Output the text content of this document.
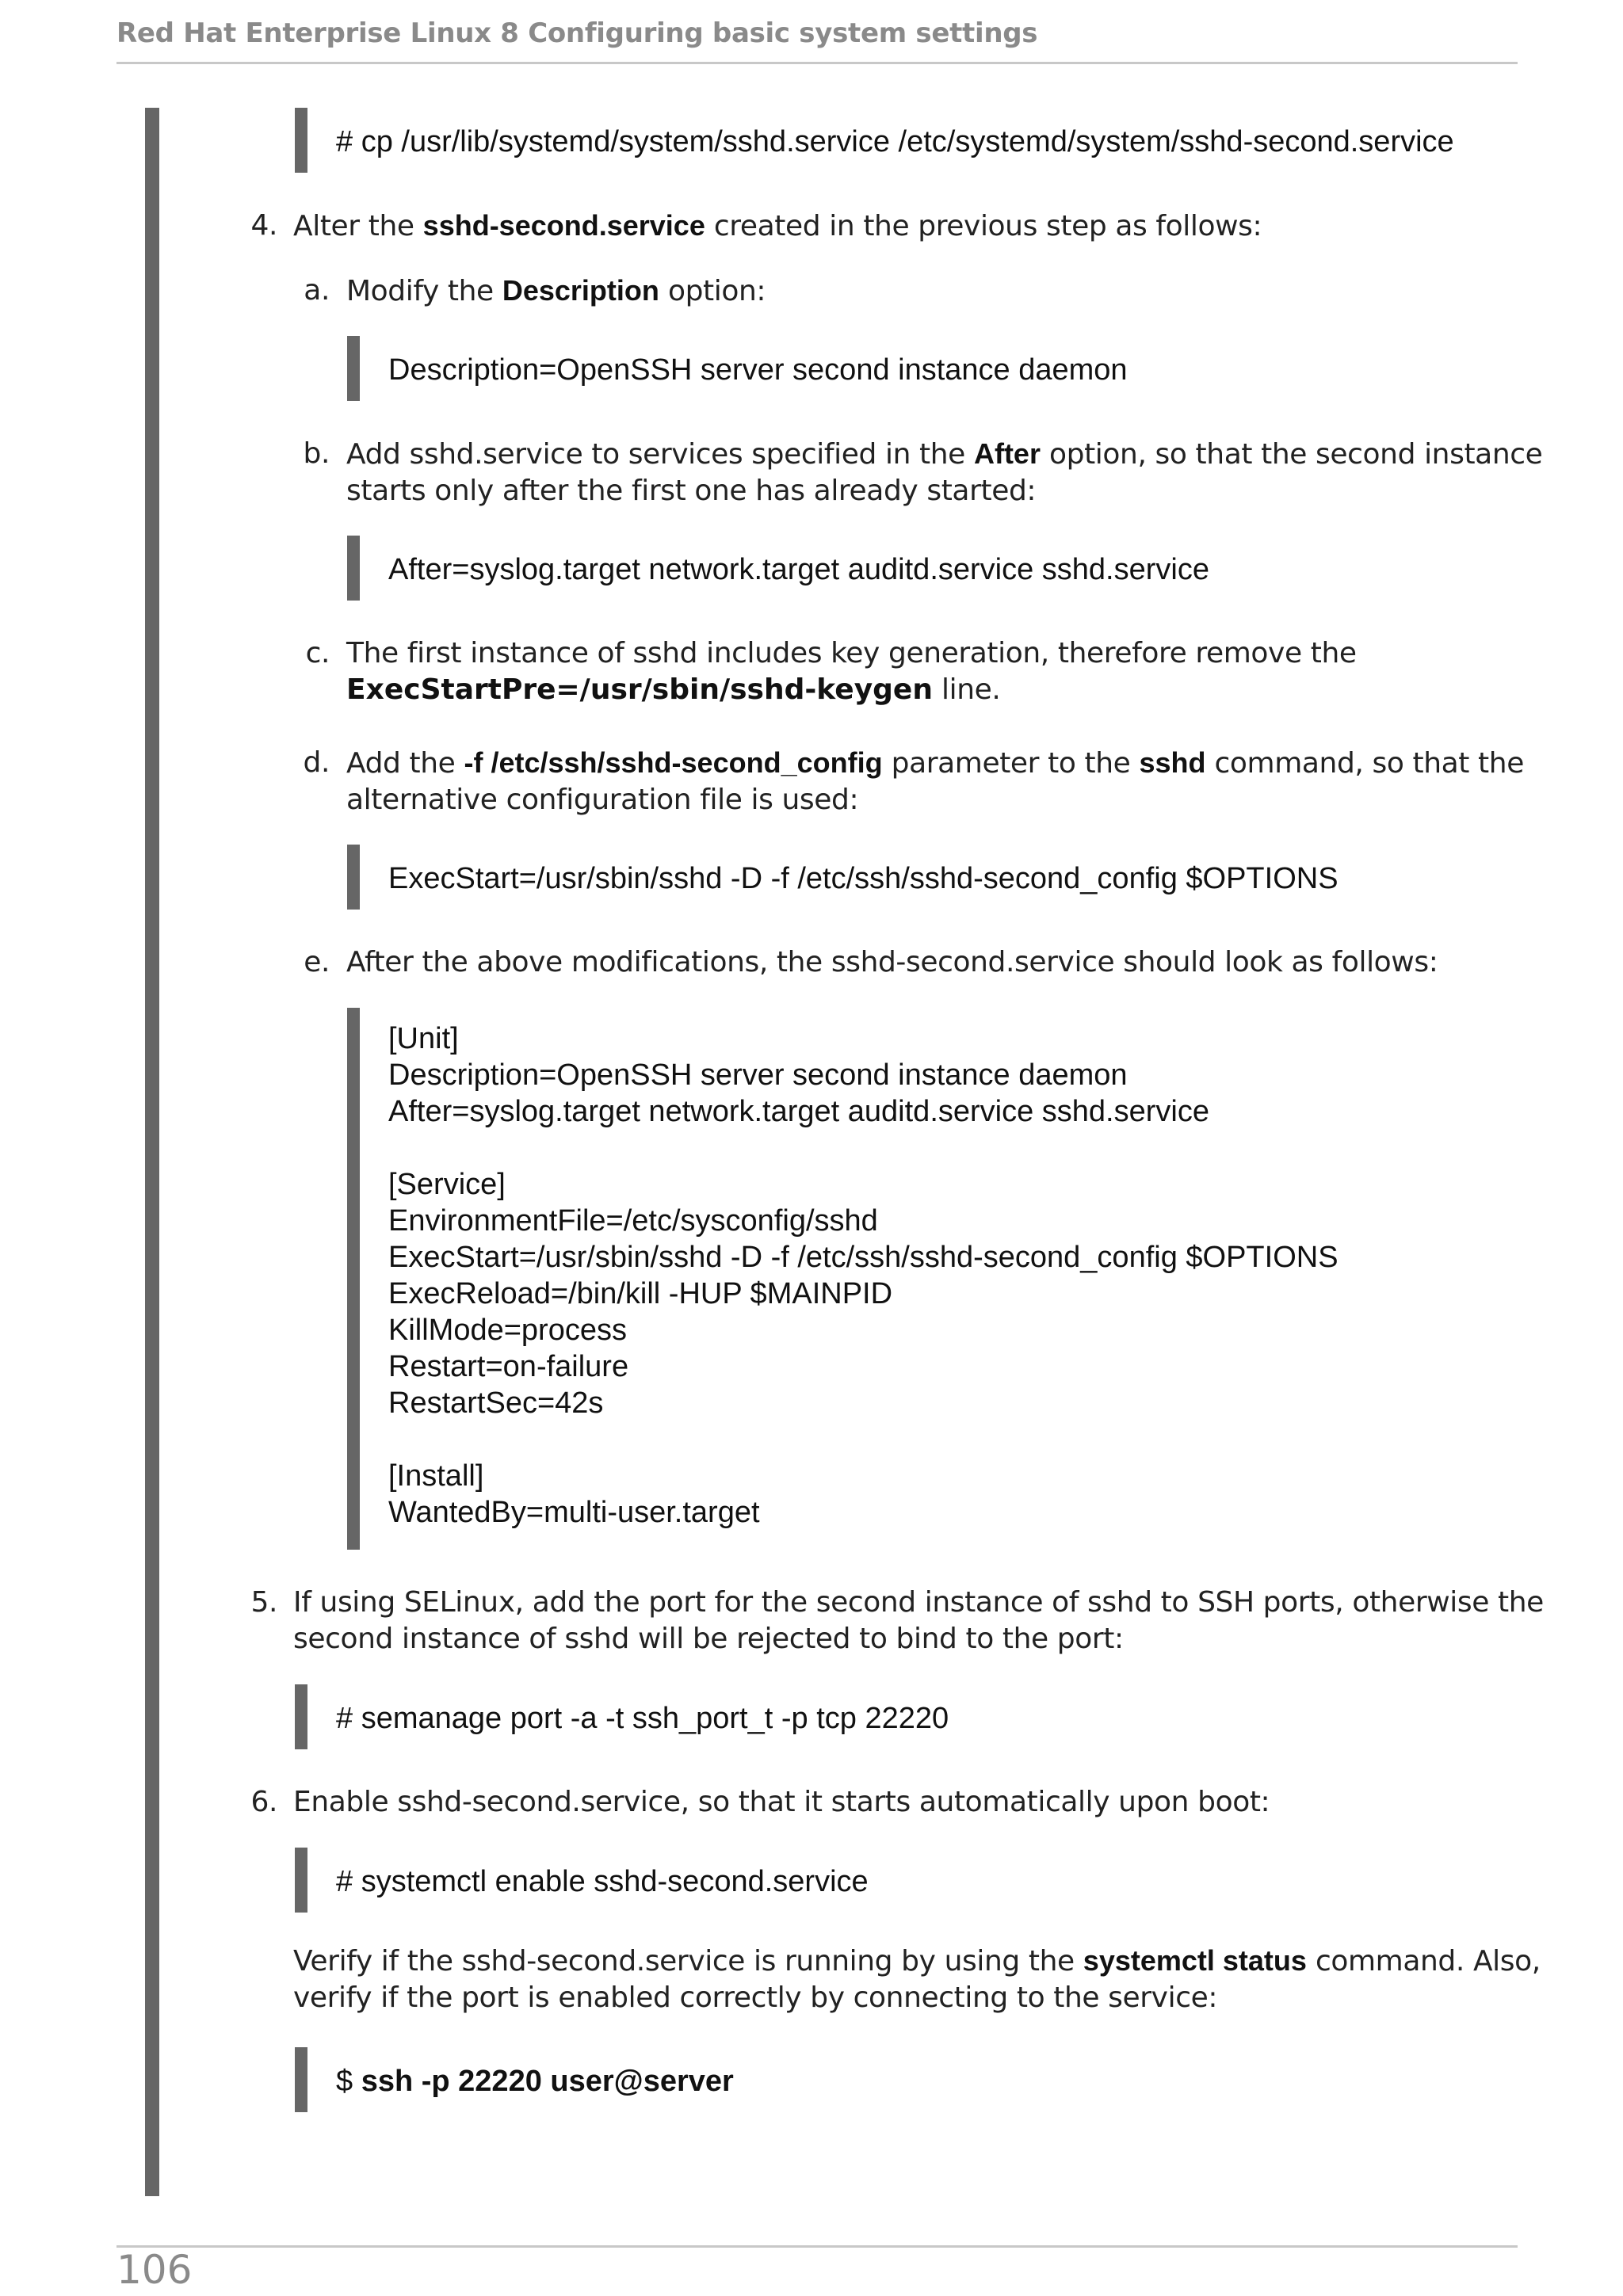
Red Hat Enterprise Linux 8 Configuring basic system settings
# cp /usr/lib/systemd/system/sshd.service /etc/systemd/system/sshd-second.service
4. Alter the sshd-second.service created in the previous step as follows:
a. Modify the Description option:
Description=OpenSSH server second instance daemon
b. Add sshd.service to services specified in the After option, so that the second instance
starts only after the first one has already started:
After=syslog.target network.target auditd.service sshd.service
c. The first instance of sshd includes key generation, therefore remove the
ExecStartPre=/usr/sbin/sshd-keygen line.
d. Add the -f /etc/ssh/sshd-second_config parameter to the sshd command, so that the
alternative configuration file is used:
ExecStart=/usr/sbin/sshd -D -f /etc/ssh/sshd-second_config $OPTIONS
e. After the above modifications, the sshd-second.service should look as follows:
[Unit]
Description=OpenSSH server second instance daemon
After=syslog.target network.target auditd.service sshd.service

[Service]
EnvironmentFile=/etc/sysconfig/sshd
ExecStart=/usr/sbin/sshd -D -f /etc/ssh/sshd-second_config $OPTIONS
ExecReload=/bin/kill -HUP $MAINPID
KillMode=process
Restart=on-failure
RestartSec=42s

[Install]
WantedBy=multi-user.target
5. If using SELinux, add the port for the second instance of sshd to SSH ports, otherwise the
second instance of sshd will be rejected to bind to the port:
# semanage port -a -t ssh_port_t -p tcp 22220
6. Enable sshd-second.service, so that it starts automatically upon boot:
# systemctl enable sshd-second.service
Verify if the sshd-second.service is running by using the systemctl status command. Also,
verify if the port is enabled correctly by connecting to the service:
$ ssh -p 22220 user@server
106
